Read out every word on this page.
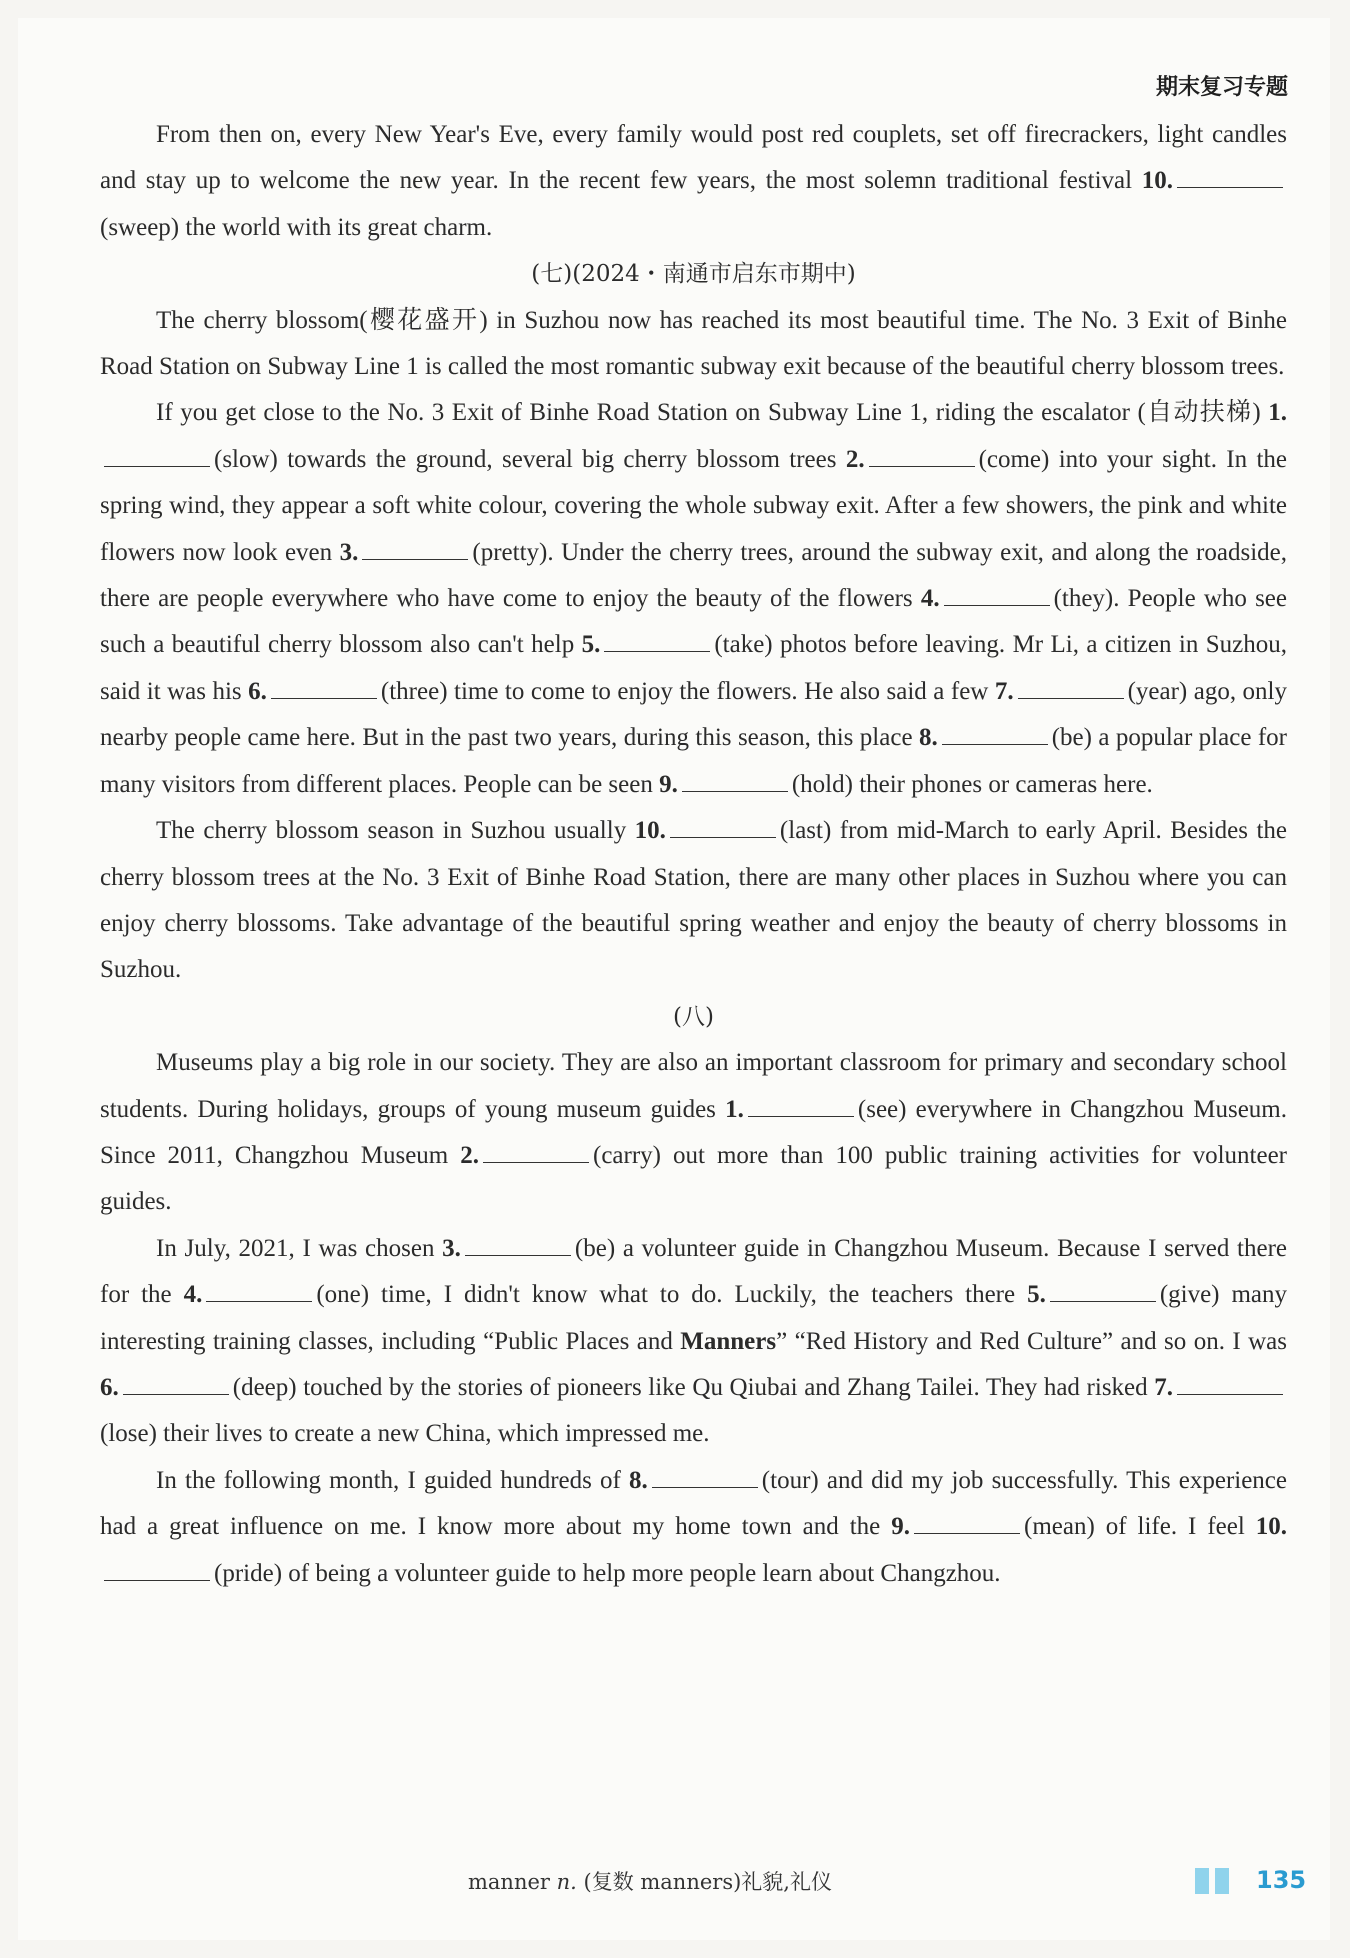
期末复习专题

From then on, every New Year's Eve, every family would post red couplets, set off firecrackers, light candles and stay up to welcome the new year. In the recent few years, the most solemn traditional festival 10.(sweep) the world with its great charm.

(七)(2024・南通市启东市期中)

The cherry blossom(樱花盛开) in Suzhou now has reached its most beautiful time. The No. 3 Exit of Binhe Road Station on Subway Line 1 is called the most romantic subway exit because of the beautiful cherry blossom trees.

If you get close to the No. 3 Exit of Binhe Road Station on Subway Line 1, riding the escalator (自动扶梯) 1.(slow) towards the ground, several big cherry blossom trees 2.	(come) into your sight. In the spring wind, they appear a soft white colour, covering the whole subway exit. After a few showers, the pink and white flowers now look even 3.	(pretty). Under the cherry trees, around the subway exit, and along the roadside, there are people everywhere who have come to enjoy the beauty of the flowers 4.	(they). People who see such a beautiful cherry blossom also can't help 5.	(take) photos before leaving. Mr Li, a citizen in Suzhou, said it was his 6.	(three) time to come to enjoy the flowers. He also said a few 7.	(year) ago, only nearby people came here. But in the past two years, during this season, this place 8.	(be) a popular place for many visitors from different places. People can be seen 9.	(hold) their phones or cameras here.

The cherry blossom season in Suzhou usually 10.	(last) from mid-March to early April. Besides the cherry blossom trees at the No. 3 Exit of Binhe Road Station, there are many other places in Suzhou where you can enjoy cherry blossoms. Take advantage of the beautiful spring weather and enjoy the beauty of cherry blossoms in Suzhou.

(八)

Museums play a big role in our society. They are also an important classroom for primary and secondary school students. During holidays, groups of young museum guides 1.	(see) everywhere in Changzhou Museum. Since 2011, Changzhou Museum 2.	(carry) out more than 100 public training activities for volunteer guides.

In July, 2021, I was chosen 3.	(be) a volunteer guide in Changzhou Museum. Because I served there for the 4.	(one) time, I didn't know what to do. Luckily, the teachers there 5.	(give) many interesting training classes, including “Public Places and Manners” “Red History and Red Culture” and so on. I was 6.	(deep) touched by the stories of pioneers like Qu Qiubai and Zhang Tailei. They had risked 7.(lose) their lives to create a new China, which impressed me.

In the following month, I guided hundreds of 8.	(tour) and did my job successfully. This experience had a great influence on me. I know more about my home town and the 9.	(mean) of life. I feel 10.(pride) of being a volunteer guide to help more people learn about Changzhou.

manner n. (复数 manners)礼貌,礼仪	135
